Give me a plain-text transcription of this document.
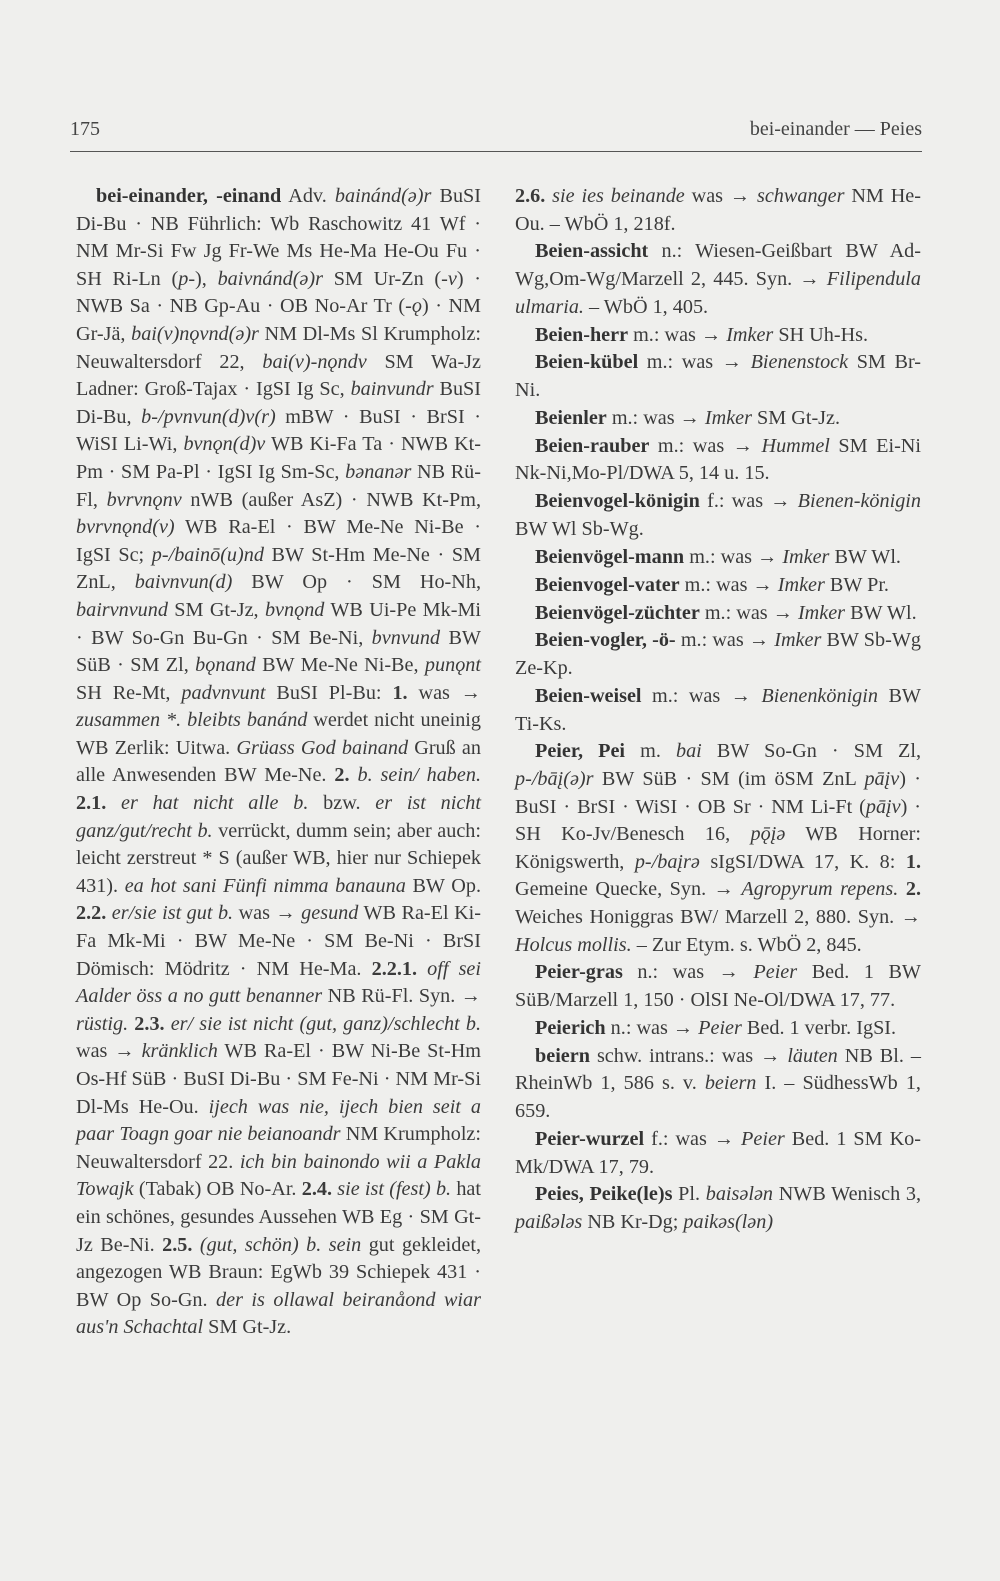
175	bei-einander — Peies

bei-einander, -einand Adv. bainánd(ə)r BuSI Di-Bu · NB Führlich: Wb Raschowitz 41 Wf · NM Mr-Si Fw Jg Fr-We Ms He-Ma He-Ou Fu · SH Ri-Ln (p-), baivnánd(ə)r SM Ur-Zn (-v) · NWB Sa · NB Gp-Au · OB No-Ar Tr (-ǫ) · NM Gr-Jä, bai(v)nǫvnd(ə)r NM Dl-Ms Sl Krumpholz: Neuwaltersdorf 22, bai(v)-nǫndv SM Wa-Jz Ladner: Groß-Tajax · IgSI Ig Sc, bainvundr BuSI Di-Bu, b-/pvnvun(d)v(r) mBW · BuSI · BrSI · WiSI Li-Wi, bvnǫn(d)v WB Ki-Fa Ta · NWB Kt-Pm · SM Pa-Pl · IgSI Ig Sm-Sc, bənanər NB Rü-Fl, bvrvnǫnv nWB (außer AsZ) · NWB Kt-Pm, bvrvnǫnd(v) WB Ra-El · BW Me-Ne Ni-Be · IgSI Sc; p-/bainō(u)nd BW St-Hm Me-Ne · SM ZnL, baivnvun(d) BW Op · SM Ho-Nh, bairvnvund SM Gt-Jz, bvnǫnd WB Ui-Pe Mk-Mi · BW So-Gn Bu-Gn · SM Be-Ni, bvnvund BW SüB · SM Zl, bǫnand BW Me-Ne Ni-Be, punǫnt SH Re-Mt, padvnvunt BuSI Pl-Bu: 1. was → zusammen *. bleibts banánd werdet nicht uneinig WB Zerlik: Uitwa. Grüass God bainand Gruß an alle Anwesenden BW Me-Ne. 2. b. sein/ haben. 2.1. er hat nicht alle b. bzw. er ist nicht ganz/gut/recht b. verrückt, dumm sein; aber auch: leicht zerstreut * S (außer WB, hier nur Schiepek 431). ea hot sani Fünfi nimma banauna BW Op. 2.2. er/sie ist gut b. was → gesund WB Ra-El Ki-Fa Mk-Mi · BW Me-Ne · SM Be-Ni · BrSI Dömisch: Mödritz · NM He-Ma. 2.2.1. off sei Aalder öss a no gutt benanner NB Rü-Fl. Syn. → rüstig. 2.3. er/ sie ist nicht (gut, ganz)/schlecht b. was → kränklich WB Ra-El · BW Ni-Be St-Hm Os-Hf SüB · BuSI Di-Bu · SM Fe-Ni · NM Mr-Si Dl-Ms He-Ou. ijech was nie, ijech bien seit a paar Toagn goar nie beianoandr NM Krumpholz: Neuwaltersdorf 22. ich bin bainondo wii a Pakla Towajk (Tabak) OB No-Ar. 2.4. sie ist (fest) b. hat ein schönes, gesundes Aussehen WB Eg · SM Gt-Jz Be-Ni. 2.5. (gut, schön) b. sein gut gekleidet, angezogen WB Braun: EgWb 39 Schiepek 431 · BW Op So-Gn. der is ollawal beiranåond wiar aus'n Schachtal SM Gt-Jz.

2.6. sie ies beinande was → schwanger NM He-Ou. – WbÖ 1, 218f.

Beien-assicht n.: Wiesen-Geißbart BW Ad-Wg,Om-Wg/Marzell 2, 445. Syn. → Filipendula ulmaria. – WbÖ 1, 405.

Beien-herr m.: was → Imker SH Uh-Hs.

Beien-kübel m.: was → Bienenstock SM Br-Ni.

Beienler m.: was → Imker SM Gt-Jz.

Beien-rauber m.: was → Hummel SM Ei-Ni Nk-Ni,Mo-Pl/DWA 5, 14 u. 15.

Beienvogel-königin f.: was → Bienen-königin BW Wl Sb-Wg.

Beienvögel-mann m.: was → Imker BW Wl.

Beienvogel-vater m.: was → Imker BW Pr.

Beienvögel-züchter m.: was → Imker BW Wl.

Beien-vogler, -ö- m.: was → Imker BW Sb-Wg Ze-Kp.

Beien-weisel m.: was → Bienenkönigin BW Ti-Ks.

Peier, Pei m. bai BW So-Gn · SM Zl, p-/bāį(ə)r BW SüB · SM (im öSM ZnL pāįv) · BuSI · BrSI · WiSI · OB Sr · NM Li-Ft (pāįv) · SH Ko-Jv/Benesch 16, pǭįə WB Horner: Königswerth, p-/baįrə sIgSI/DWA 17, K. 8: 1. Gemeine Quecke, Syn. → Agropyrum repens. 2. Weiches Honiggras BW/ Marzell 2, 880. Syn. → Holcus mollis. – Zur Etym. s. WbÖ 2, 845.

Peier-gras n.: was → Peier Bed. 1 BW SüB/Marzell 1, 150 · OlSI Ne-Ol/DWA 17, 77.

Peierich n.: was → Peier Bed. 1 verbr. IgSI.

beiern schw. intrans.: was → läuten NB Bl. – RheinWb 1, 586 s. v. beiern I. – SüdhessWb 1, 659.

Peier-wurzel f.: was → Peier Bed. 1 SM Ko-Mk/DWA 17, 79.

Peies, Peike(le)s Pl. baisələn NWB Wenisch 3, paißələs NB Kr-Dg; paikəs(lən)
